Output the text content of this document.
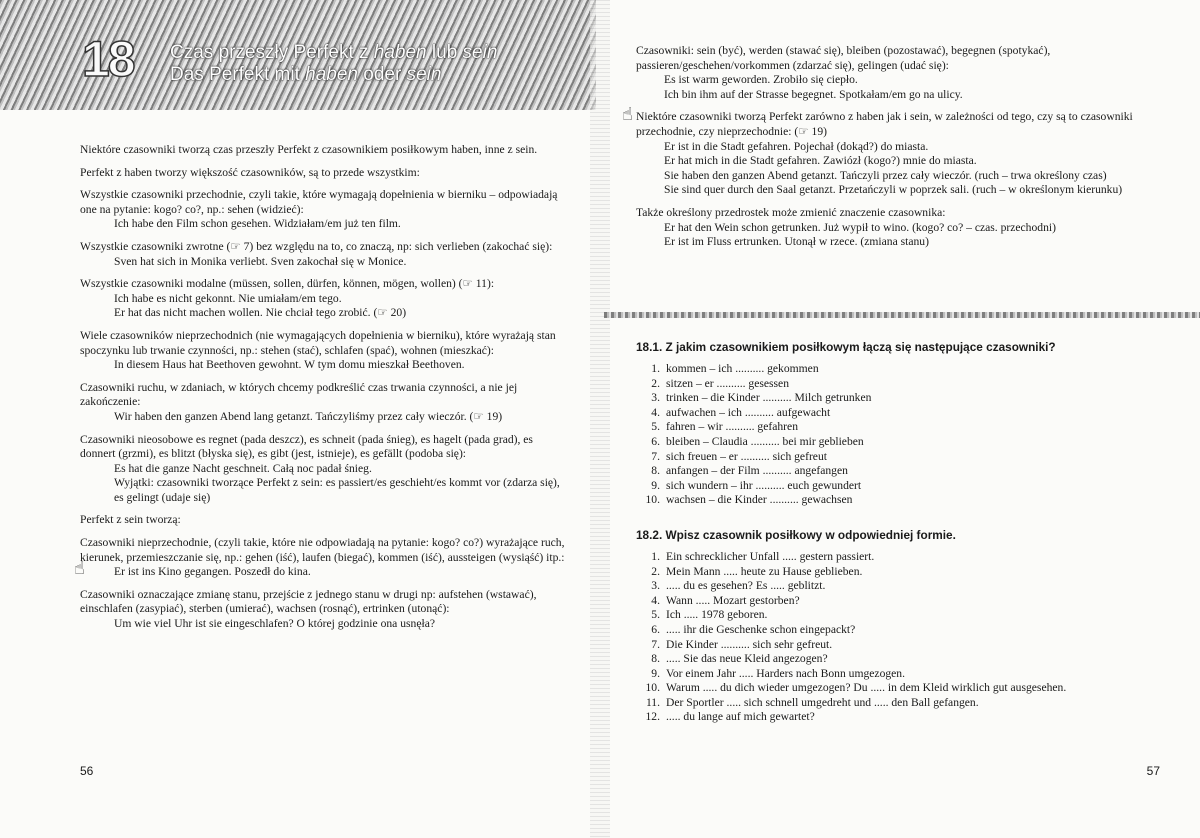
18 Czas przeszły Perfekt z haben lub sein
Das Perfekt mit haben oder sein

Niektóre czasowniki tworzą czas przeszły Perfekt z czasownikiem posiłkowym haben, inne z sein.

Perfekt z haben tworzy większość czasowników, są to przede wszystkim:

Wszystkie czasowniki przechodnie, czyli takie, które wymagają dopełnienia w bierniku – odpowiadają one na pytanie: kogo? co?, np.: sehen (widzieć):
Ich habe den Film schon gesehen. Widziałam/em już ten film.

Wszystkie czasowniki zwrotne (☞ 7) bez względu na to, co znaczą, np: sich verlieben (zakochać się):
Sven hat sich in Monika verliebt. Sven zakochał się w Monice.

Wszystkie czasowniki modalne (müssen, sollen, dürfen, können, mögen, wollen) (☞ 11):
Ich habe es nicht gekonnt. Nie umiałam/em tego.
Er hat das nicht machen wollen. Nie chciał tego zrobić. (☞ 20)

Wiele czasowników nieprzechodnich (nie wymagających dopełnienia w bierniku), które wyrażają stan spoczynku lub trwanie czynności, np.: stehen (stać), schlafen (spać), wohnen (mieszkać):
In diesem Haus hat Beethoven gewohnt. W tym domu mieszkał Beethoven.

Czasowniki ruchu, w zdaniach, w których chcemy podkreślić czas trwania czynności, a nie jej zakończenie:
Wir haben den ganzen Abend lang getanzt. Tańczyliśmy przez cały wieczór. (☞ 19)

Czasowniki nieosobowe es regnet (pada deszcz), es schneit (pada śnieg), es hagelt (pada grad), es donnert (grzmi), es blitzt (błyska się), es gibt (jest, istnieje), es gefällt (podoba się):
Es hat die ganze Nacht geschneit. Całą noc padał śnieg.
Wyjątki: czasowniki tworzące Perfekt z sein: es passiert/es geschieht/es kommt vor (zdarza się), es gelingt (udaje się)

Perfekt z sein tworzą:

Czasowniki nieprzechodnie, (czyli takie, które nie odpowiadają na pytanie: kogo? co?) wyrażające ruch, kierunek, przemieszczanie się, np.: gehen (iść), laufen (biegać), kommen (iść), aussteigen (wysiąść) itp.:
Er ist ins Kino gegangen. Poszedł do kina.

Czasowniki oznaczające zmianę stanu, przejście z jednego stanu w drugi np: aufstehen (wstawać), einschlafen (zasypiać), sterben (umierać), wachsen (rosnąć), ertrinken (utonąć):
Um wie viel Uhr ist sie eingeschlafen? O której godzinie ona usnęła?

☝
56

Czasowniki: sein (być), werden (stawać się), bleiben (pozostawać), begegnen (spotykać), passieren/geschehen/vorkommen (zdarzać się), gelingen (udać się):
Es ist warm geworden. Zrobiło się ciepło.
Ich bin ihm auf der Strasse begegnet. Spotkałam/em go na ulicy.

Niektóre czasowniki tworzą Perfekt zarówno z haben jak i sein, w zależności od tego, czy są to czasowniki przechodnie, czy nieprzechodnie: (☞ 19)
Er ist in die Stadt gefahren. Pojechał (dokąd?) do miasta.
Er hat mich in die Stadt gefahren. Zawiózł (kogo?) mnie do miasta.
Sie haben den ganzen Abend getanzt. Tańczyli przez cały wieczór. (ruch – trwa określony czas)
Sie sind quer durch den Saal getanzt. Przetańczyli w poprzek sali. (ruch – w określonym kierunku)

Także określony przedrostek może zmienić znaczenie czasownika:
Er hat den Wein schon getrunken. Już wypił to wino. (kogo? co? – czas. przechodni)
Er ist im Fluss ertrunken. Utonął w rzece. (zmiana stanu)

☝
18.1. Z jakim czasownikiem posiłkowym łączą się następujące czasowniki?
1. kommen – ich .......... gekommen
2. sitzen – er .......... gesessen
3. trinken – die Kinder .......... Milch getrunken
4. aufwachen – ich .......... aufgewacht
5. fahren – wir .......... gefahren
6. bleiben – Claudia .......... bei mir geblieben
7. sich freuen – er .......... sich gefreut
8. anfangen – der Film .......... angefangen
9. sich wundern – ihr .......... euch gewundert
10. wachsen – die Kinder .......... gewachsen
18.2. Wpisz czasownik posiłkowy w odpowiedniej formie.
1. Ein schrecklicher Unfall ..... gestern passiert.
2. Mein Mann ..... heute zu Hause geblieben.
3. ..... du es gesehen? Es ..... geblitzt.
4. Wann ..... Mozart gestorben?
5. Ich ..... 1978 geboren.
6. ..... ihr die Geschenke schon eingepackt?
7. Die Kinder .......... sich sehr gefreut.
8. ..... Sie das neue Kleid angezogen?
9. Vor einem Jahr ..... Harders nach Bonn umgezogen.
10. Warum ..... du dich wieder umgezogen? Du ..... in dem Kleid wirklich gut ausgesehen.
11. Der Sportler ..... sich schnell umgedreht und ..... den Ball gefangen.
12. ..... du lange auf mich gewartet?
57
